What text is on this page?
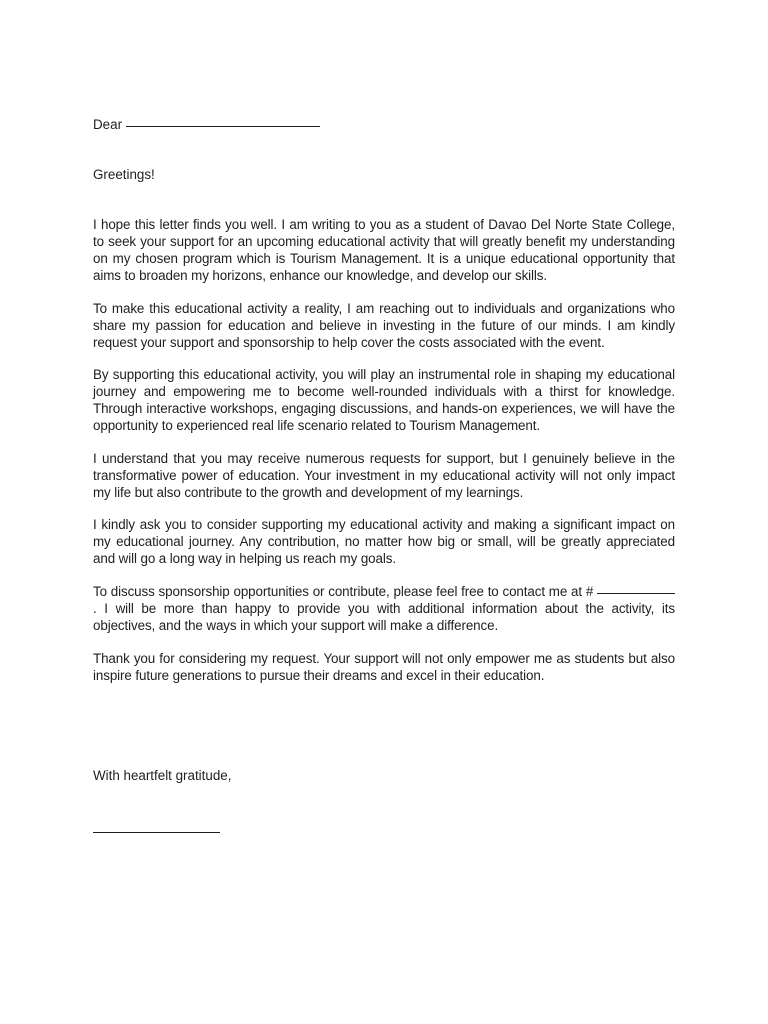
Dear

Greetings!

I hope this letter finds you well. I am writing to you as a student of Davao Del Norte State College, to seek your support for an upcoming educational activity that will greatly benefit my understanding on my chosen program which is Tourism Management. It is a unique educational opportunity that aims to broaden my horizons, enhance our knowledge, and develop our skills.

To make this educational activity a reality, I am reaching out to individuals and organizations who share my passion for education and believe in investing in the future of our minds. I am kindly request your support and sponsorship to help cover the costs associated with the event.

By supporting this educational activity, you will play an instrumental role in shaping my educational journey and empowering me to become well-rounded individuals with a thirst for knowledge. Through interactive workshops, engaging discussions, and hands-on experiences, we will have the opportunity to experienced real life scenario related to Tourism Management.

I understand that you may receive numerous requests for support, but I genuinely believe in the transformative power of education. Your investment in my educational activity will not only impact my life but also contribute to the growth and development of my learnings.

I kindly ask you to consider supporting my educational activity and making a significant impact on my educational journey. Any contribution, no matter how big or small, will be greatly appreciated and will go a long way in helping us reach my goals.

To discuss sponsorship opportunities or contribute, please feel free to contact me at # . I will be more than happy to provide you with additional information about the activity, its objectives, and the ways in which your support will make a difference.

Thank you for considering my request. Your support will not only empower me as students but also inspire future generations to pursue their dreams and excel in their education.

With heartfelt gratitude,
